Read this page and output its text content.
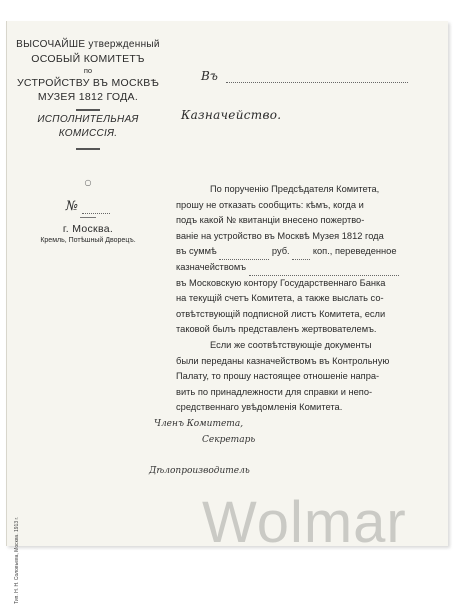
ВЫСОЧАЙШЕ утвержденный
ОСОБЫЙ КОМИТЕТЪ
по
УСТРОЙСТВУ ВЪ МОСКВѢ
МУЗЕЯ 1812 ГОДА.
ИСПОЛНИТЕЛЬНАЯ КОМИССІЯ.
○
№
г. Москва.
Кремль, Потѣшный Дворецъ.
Тип. Н. Н. Соловьева, Москва. 1913 г.
Въ
Казначейство.
По порученію Предсѣдателя Комитета,
прошу не отказать сообщить: кѣмъ, когда и
подъ какой № квитанціи внесено пожертво-
ваніе на устройство въ Москвѣ Музея 1812 года
въ суммѣ	руб. коп., переведенное
казначействомъ
въ Московскую контору Государственнаго Банка
на текущій счетъ Комитета, а также выслать со-
отвѣтствующій подписной листъ Комитета, если
таковой былъ представленъ жертвователемъ.
Если же соотвѣтствующіе документы
были переданы казначействомъ въ Контрольную
Палату, то прошу настоящее отношеніе напра-
вить по принадлежности для справки и непо-
средственнаго увѣдомленія Комитета.
Членъ Комитета,
Секретарь
Дѣлопроизводитель
Wolmar
